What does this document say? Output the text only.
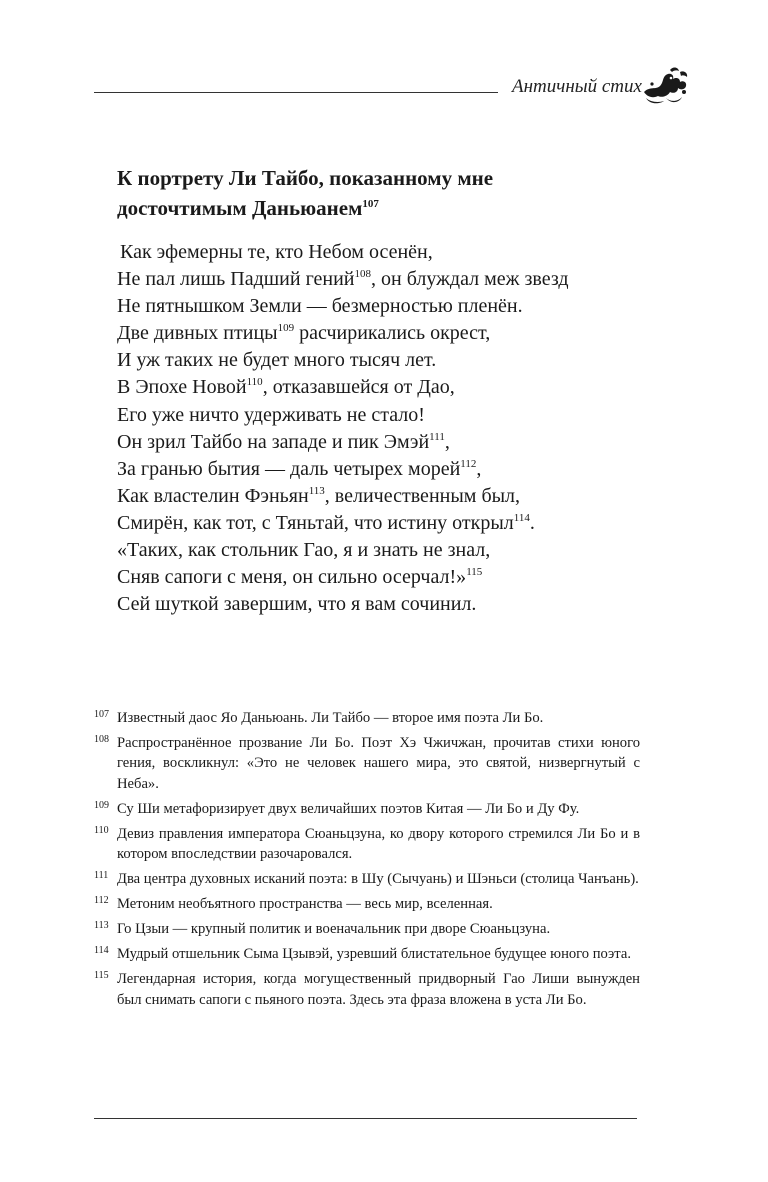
Античный стих
К портрету Ли Тайбо, показанному мне
досточтимым Даньюанем$^{107}$
Как эфемерны те, кто Небом осенён,
Не пал лишь Падший гений$^{108}$, он блуждал меж звезд
Не пятнышком Земли — безмерностью пленён.
Две дивных птицы$^{109}$ расчирикались окрест,
И уж таких не будет много тысяч лет.
В Эпохе Новой$^{110}$, отказавшейся от Дао,
Его уже ничто удерживать не стало!
Он зрил Тайбо на западе и пик Эмэй$^{111}$,
За гранью бытия — даль четырех морей$^{112}$,
Как властелин Фэньян$^{113}$, величественным был,
Смирён, как тот, с Тяньтай, что истину открыл$^{114}$.
«Таких, как стольник Гао, я и знать не знал,
Сняв сапоги с меня, он сильно осерчал!»$^{115}$
Сей шуткой завершим, что я вам сочинил.
107 Известный даос Яо Даньюань. Ли Тайбо — второе имя поэта Ли Бо.
108 Распространённое прозвание Ли Бо. Поэт Хэ Чжичжан, прочитав стихи юного гения, воскликнул: «Это не человек нашего мира, это святой, низвергнутый с Неба».
109 Су Ши метафоризирует двух величайших поэтов Китая — Ли Бо и Ду Фу.
110 Девиз правления императора Сюаньцзуна, ко двору которого стремился Ли Бо и в котором впоследствии разочаровался.
111 Два центра духовных исканий поэта: в Шу (Сычуань) и Шэньси (столица Чанъань).
112 Метоним необъятного пространства — весь мир, вселенная.
113 Го Цзыи — крупный политик и военачальник при дворе Сюаньцзуна.
114 Мудрый отшельник Сыма Цзывэй, узревший блистательное будущее юного поэта.
115 Легендарная история, когда могущественный придворный Гао Лиши вынужден был снимать сапоги с пьяного поэта. Здесь эта фраза вложена в уста Ли Бо.
